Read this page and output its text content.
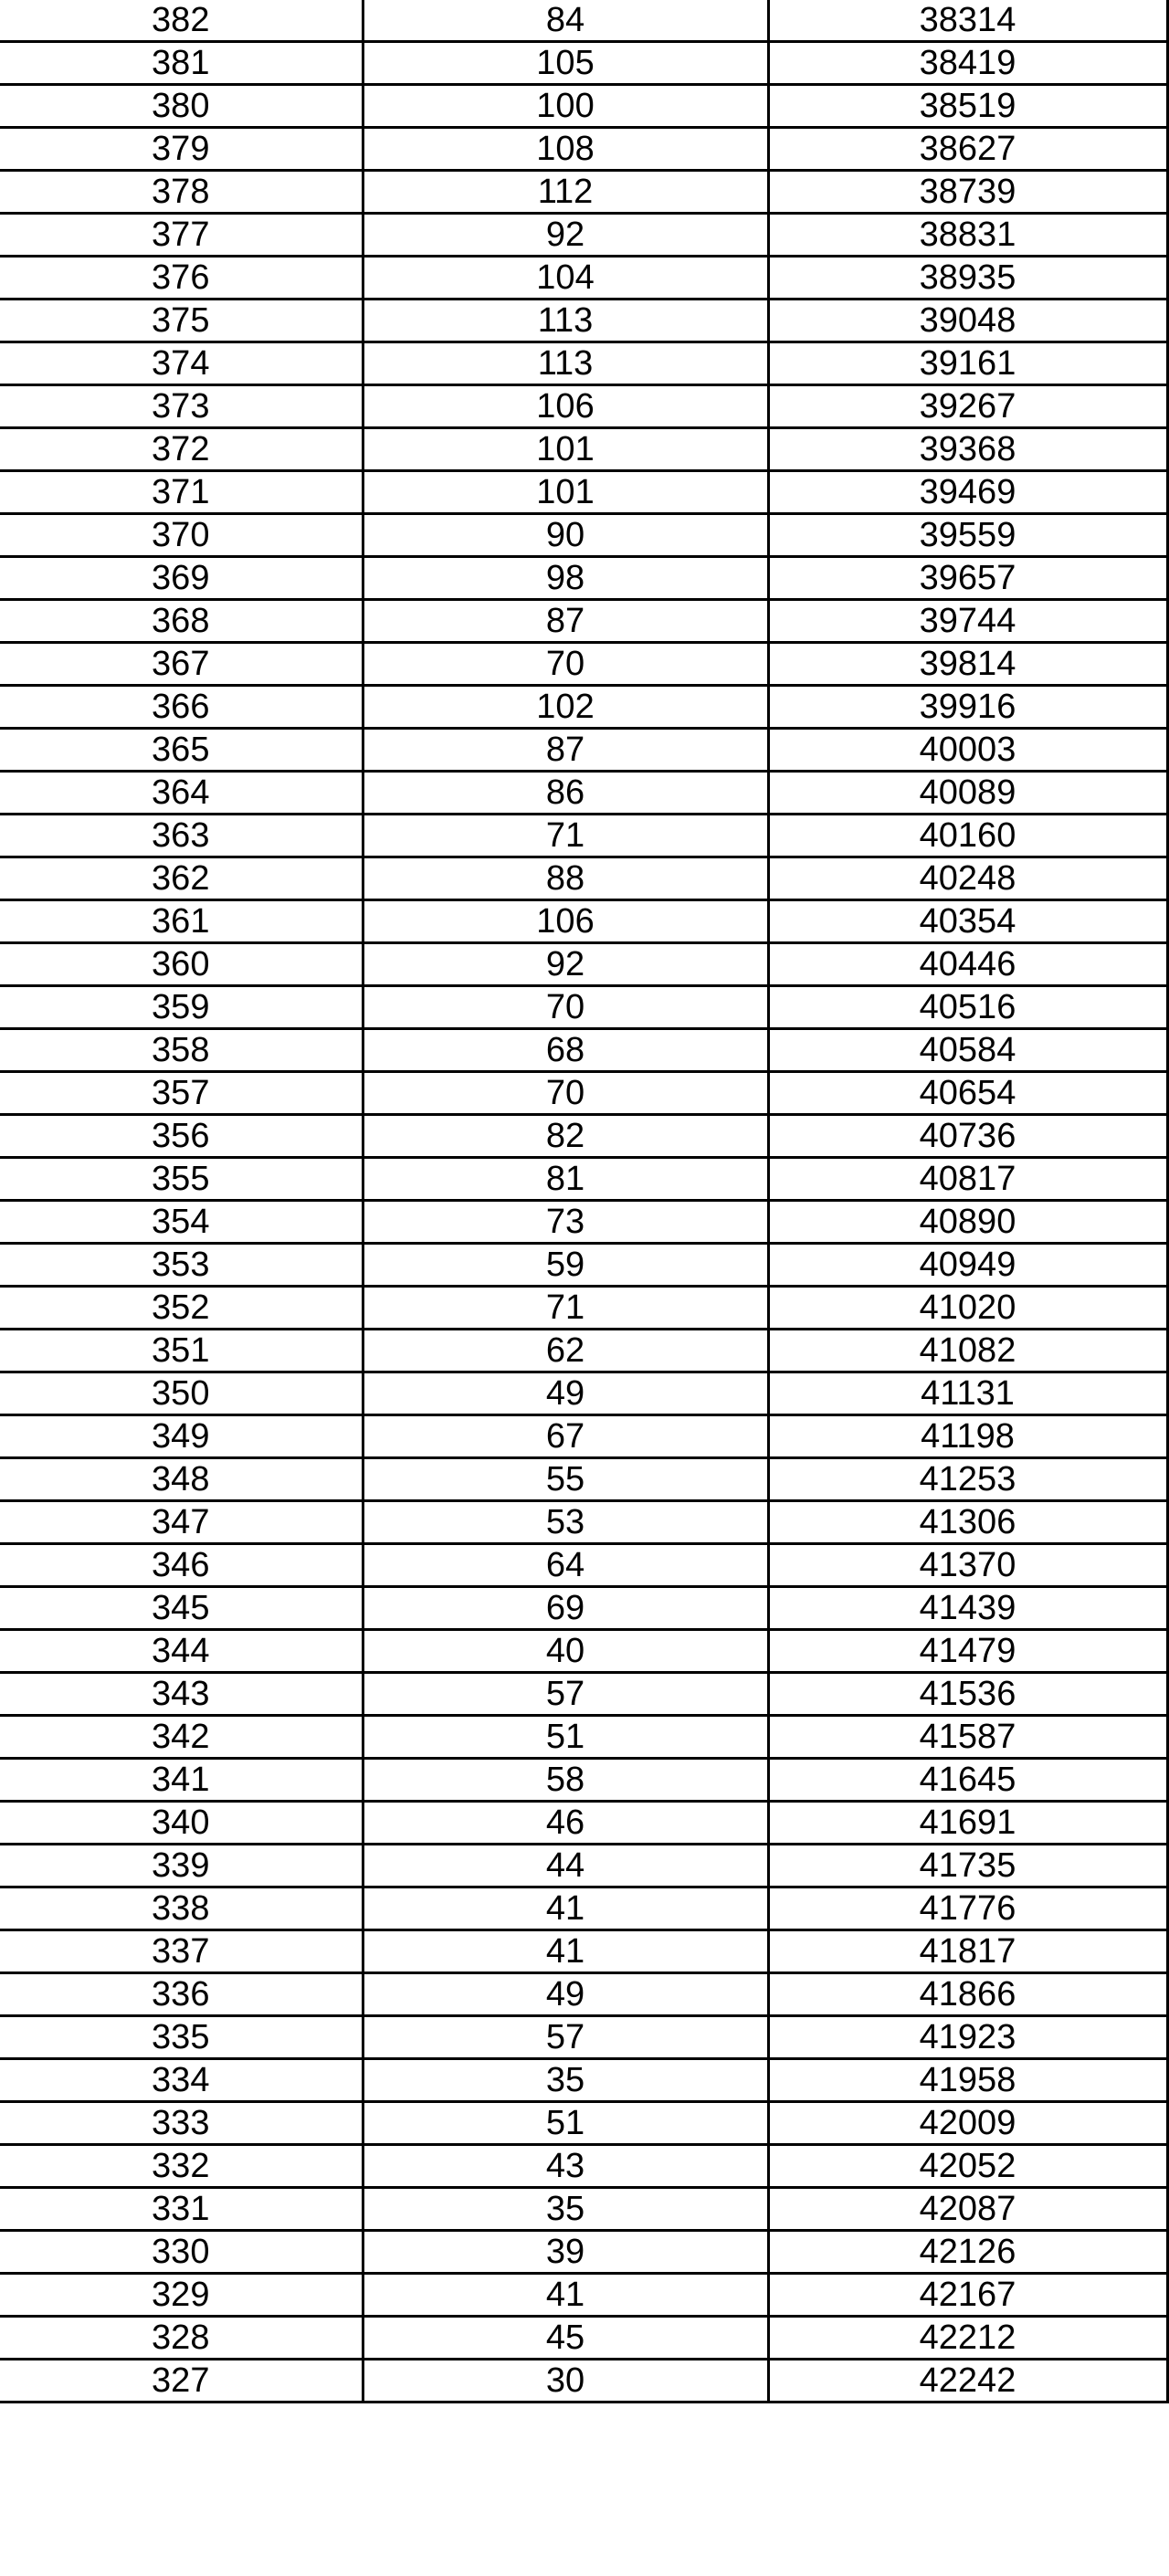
382	84	38314
381	105	38419
380	100	38519
379	108	38627
378	112	38739
377	92	38831
376	104	38935
375	113	39048
374	113	39161
373	106	39267
372	101	39368
371	101	39469
370	90	39559
369	98	39657
368	87	39744
367	70	39814
366	102	39916
365	87	40003
364	86	40089
363	71	40160
362	88	40248
361	106	40354
360	92	40446
359	70	40516
358	68	40584
357	70	40654
356	82	40736
355	81	40817
354	73	40890
353	59	40949
352	71	41020
351	62	41082
350	49	41131
349	67	41198
348	55	41253
347	53	41306
346	64	41370
345	69	41439
344	40	41479
343	57	41536
342	51	41587
341	58	41645
340	46	41691
339	44	41735
338	41	41776
337	41	41817
336	49	41866
335	57	41923
334	35	41958
333	51	42009
332	43	42052
331	35	42087
330	39	42126
329	41	42167
328	45	42212
327	30	42242
